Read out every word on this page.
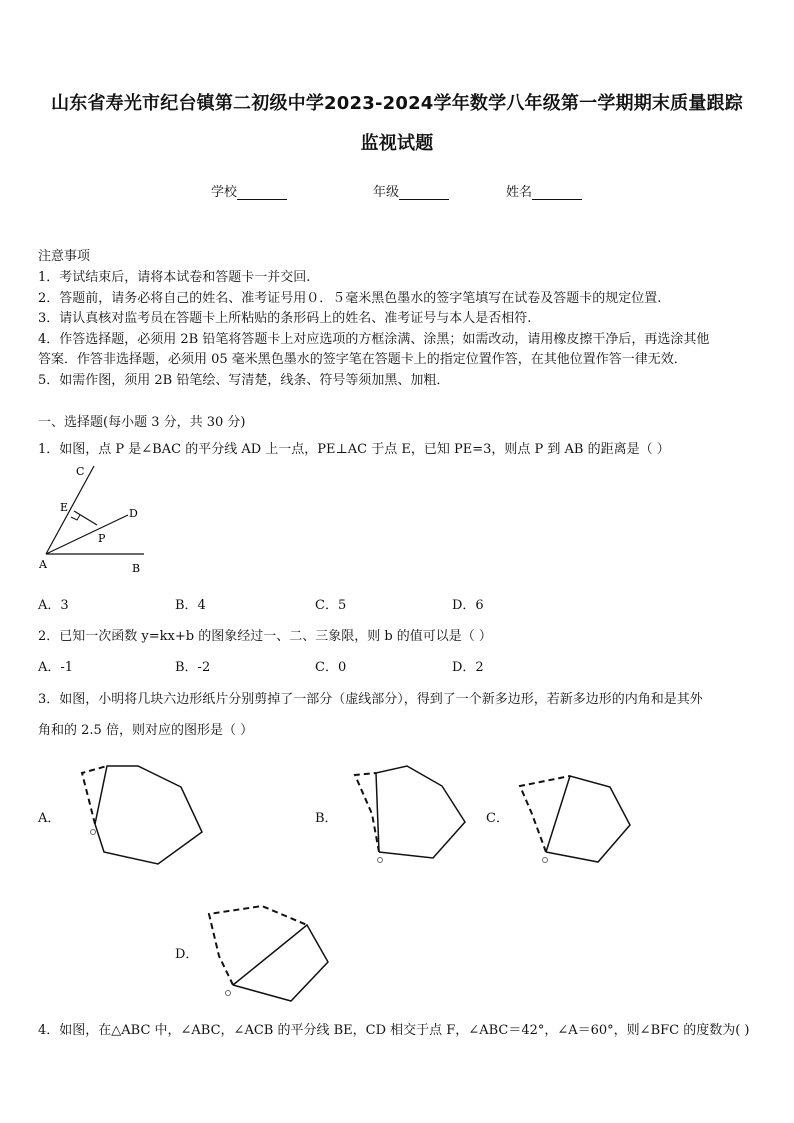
山东省寿光市纪台镇第二初级中学2023-2024学年数学八年级第一学期期末质量跟踪
监视试题
学校	年级	姓名
注意事项
1．考试结束后，请将本试卷和答题卡一并交回.
2．答题前，请务必将自己的姓名、准考证号用０．５毫米黑色墨水的签字笔填写在试卷及答题卡的规定位置.
3．请认真核对监考员在答题卡上所粘贴的条形码上的姓名、准考证号与本人是否相符.
4．作答选择题，必须用 2B 铅笔将答题卡上对应选项的方框涂满、涂黑；如需改动，请用橡皮擦干净后，再选涂其他
答案．作答非选择题，必须用 05 毫米黑色墨水的签字笔在答题卡上的指定位置作答，在其他位置作答一律无效．
5．如需作图，须用 2B 铅笔绘、写清楚，线条、符号等须加黑、加粗．
一、选择题(每小题 3 分，共 30 分)
1．如图，点 P 是∠BAC 的平分线 AD 上一点，PE⊥AC 于点 E，已知 PE=3，则点 P 到 AB 的距离是（ ）
C
E	D
P
A	B
A．3	B．4	C．5	D．6
2．已知一次函数 y=kx+b 的图象经过一、二、三象限，则 b 的值可以是（ ）
A．-1	B．-2	C．0	D．2
3．如图，小明将几块六边形纸片分别剪掉了一部分（虚线部分），得到了一个新多边形，若新多边形的内角和是其外
角和的 2.5 倍，则对应的图形是（ ）
A．	B．	C．
D．
4．如图，在△ABC 中，∠ABC，∠ACB 的平分线 BE，CD 相交于点 F，∠ABC＝42°，∠A＝60°，则∠BFC 的度数为( )
